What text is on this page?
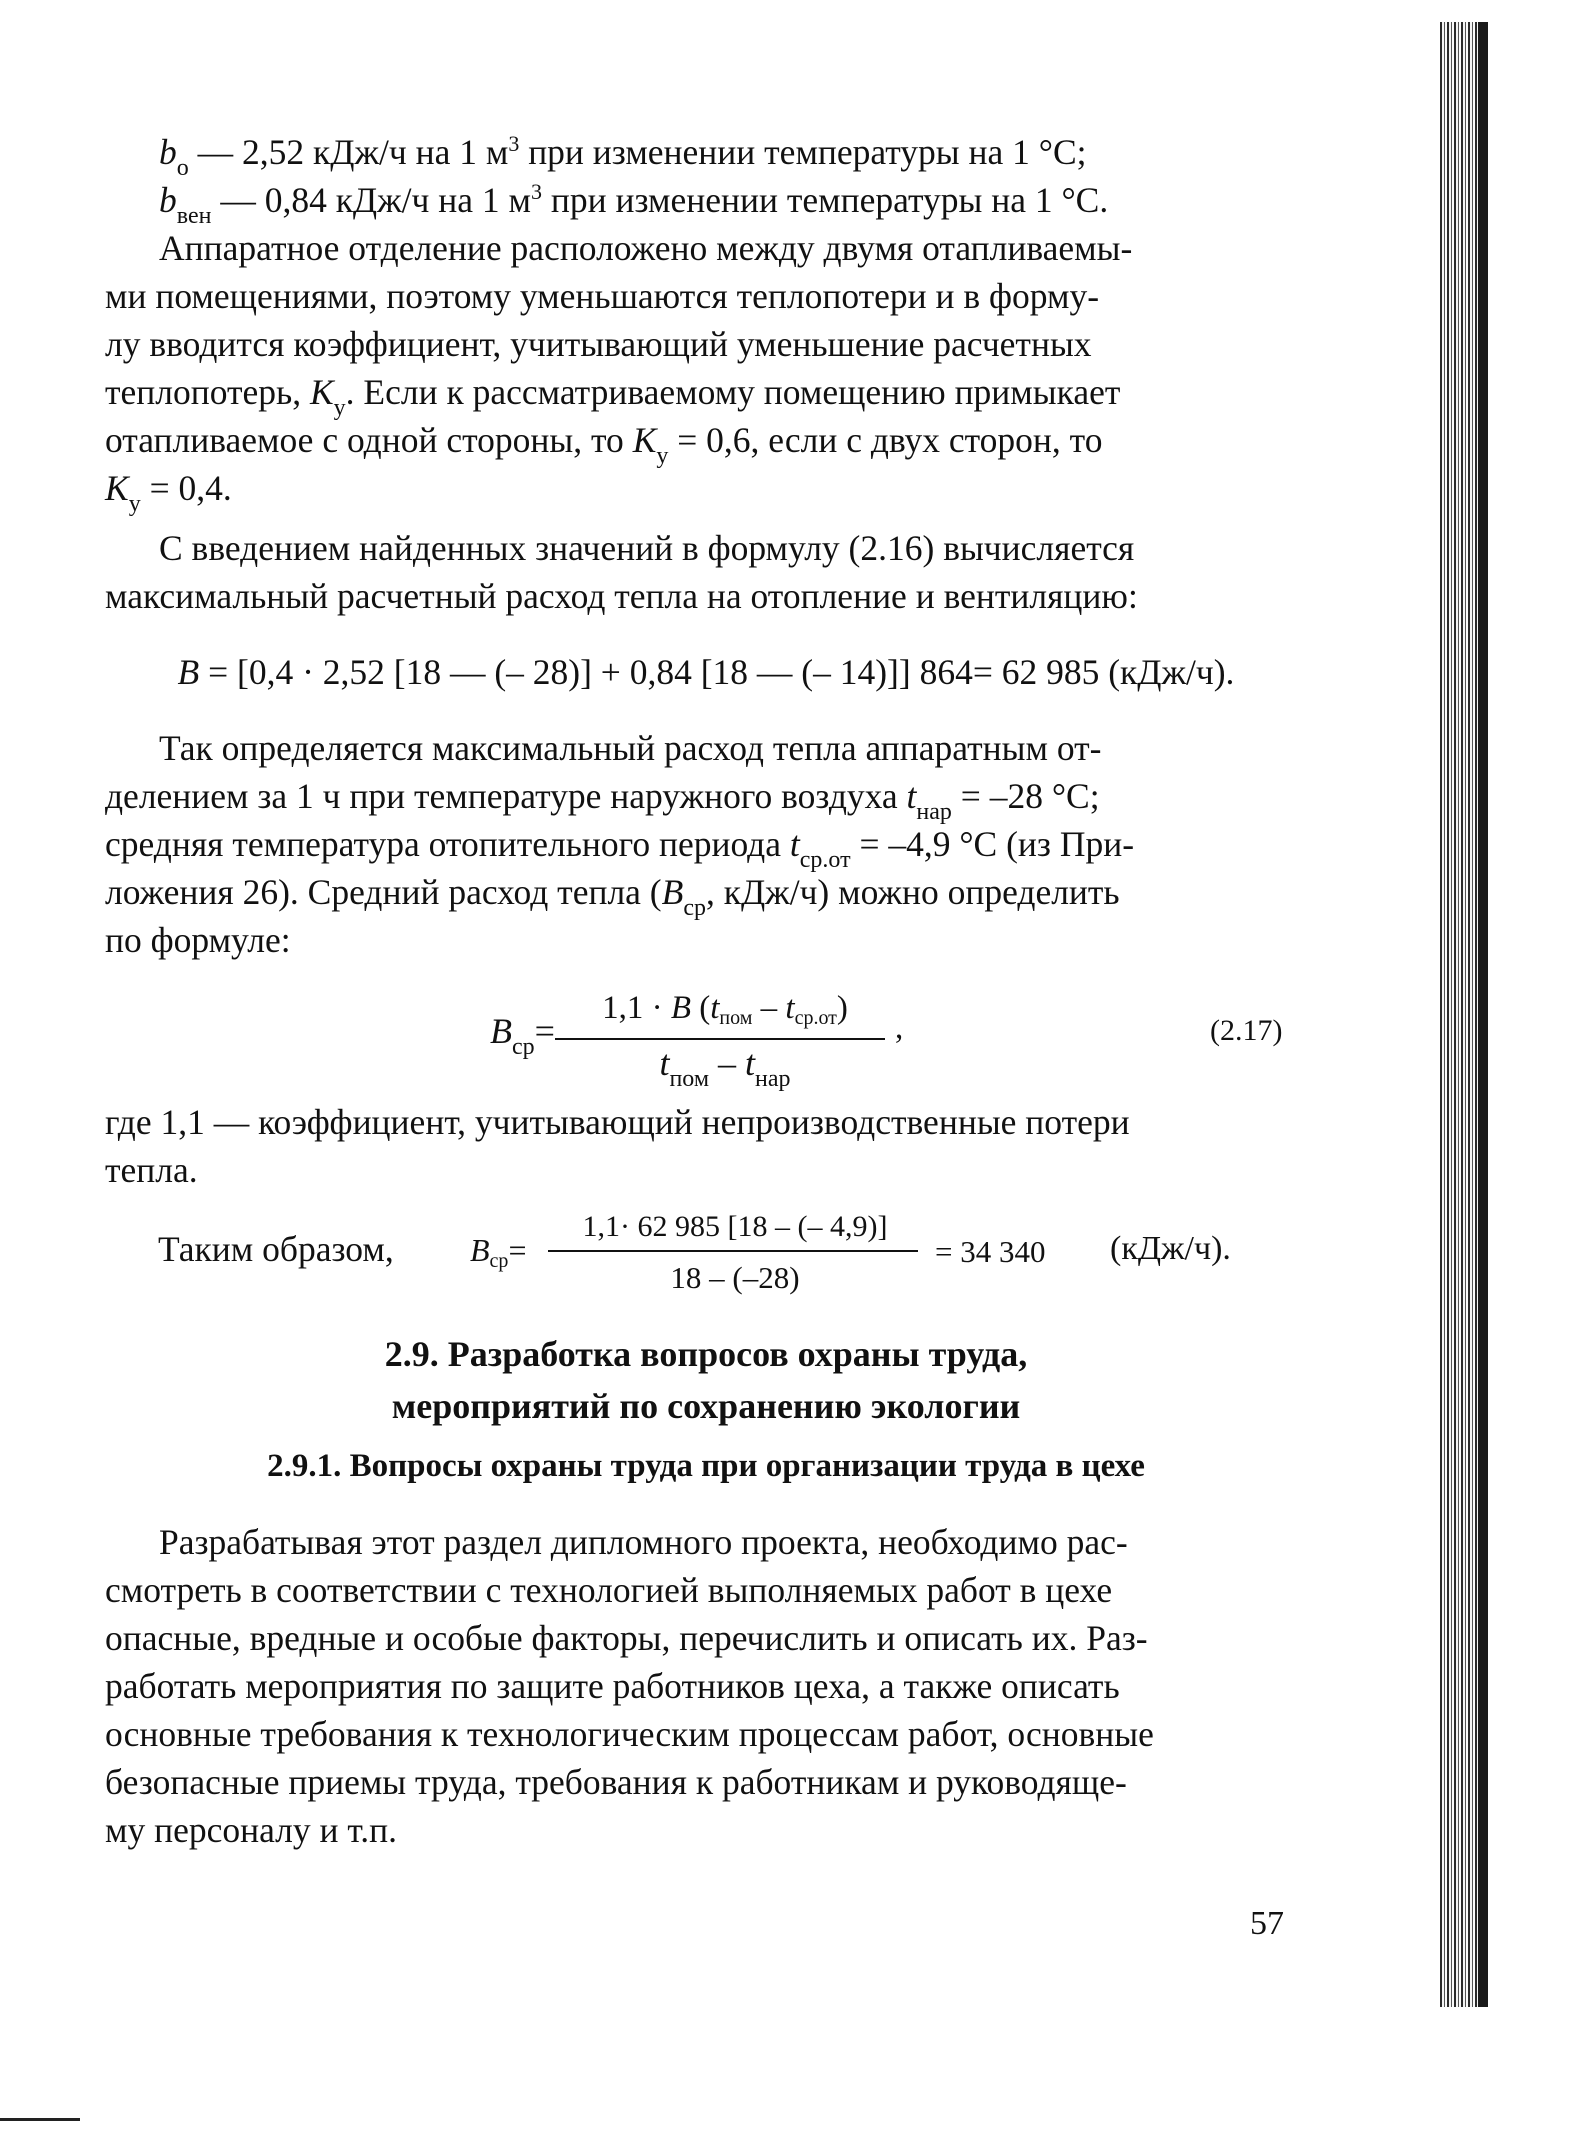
$b_о$ — 2,52 кДж/ч на 1 $м^3$ при изменении температуры на 1 °С;
$b_{вен}$ — 0,84 кДж/ч на 1 $м^3$ при изменении температуры на 1 °С.
Аппаратное отделение расположено между двумя отапливаемы-
ми помещениями, поэтому уменьшаются теплопотери и в форму-
лу вводится коэффициент, учитывающий уменьшение расчетных
теплопотерь, $K_у$. Если к рассматриваемому помещению примыкает
отапливаемое с одной стороны, то $K_у = 0,6$, если с двух сторон, то
$K_у = 0,4$.
С введением найденных значений в формулу (2.16) вычисляется
максимальный расчетный расход тепла на отопление и вентиляцию:
B = [0,4 · 2,52 [18 — (– 28)] + 0,84 [18 — (– 14)]] 864= 62 985 (кДж/ч).
Так определяется максимальный расход тепла аппаратным от-
делением за 1 ч при температуре наружного воздуха $t_{нар} = -28$ °С;
средняя температура отопительного периода $t_{ср.от} = -4,9$ °С (из При-
ложения 26). Средний расход тепла ($B_{ср}$, кДж/ч) можно определить
по формуле:
$B_{ср}=$
1,1 · B $(t_{пом} - t_{ср.от})$
$t_{пом} - t_{нар}$
,	(2.17)
где 1,1 — коэффициент, учитывающий непроизводственные потери
тепла.
Таким образом, $B_{ср}=$
1,1· 62 985 [18 – (– 4,9)]
18 – (–28)
= 34 340 (кДж/ч).
2.9. Разработка вопросов охраны труда,
мероприятий по сохранению экологии
2.9.1. Вопросы охраны труда при организации труда в цехе
Разрабатывая этот раздел дипломного проекта, необходимо рас-
смотреть в соответствии с технологией выполняемых работ в цехе
опасные, вредные и особые факторы, перечислить и описать их. Раз-
работать мероприятия по защите работников цеха, а также описать
основные требования к технологическим процессам работ, основные
безопасные приемы труда, требования к работникам и руководяще-
му персоналу и т.п.
57
